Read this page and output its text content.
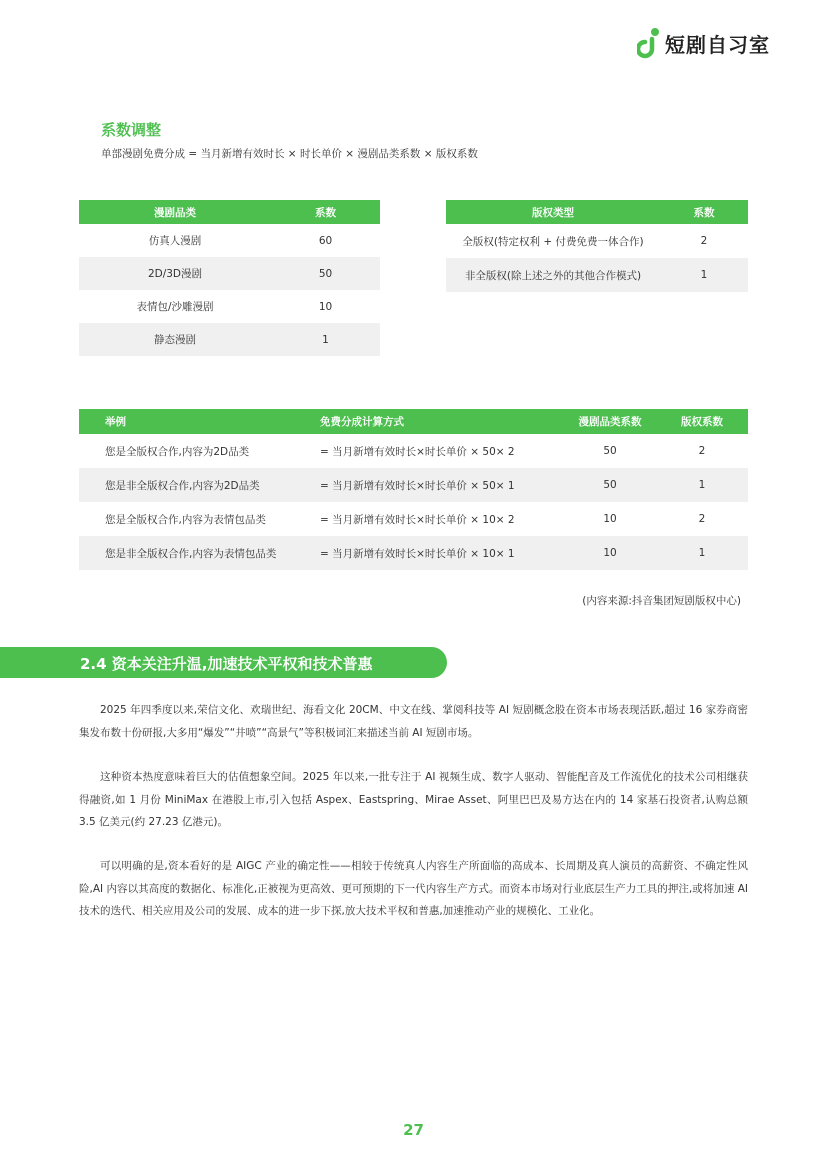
短剧自习室
系数调整
单部漫剧免费分成 = 当月新增有效时长 × 时长单价 × 漫剧品类系数 × 版权系数
漫剧品类	系数
仿真人漫剧	60
2D/3D漫剧	50
表情包/沙雕漫剧	10
静态漫剧	1
版权类型	系数
全版权(特定权利 + 付费免费一体合作)	2
非全版权(除上述之外的其他合作模式)	1
举例	免费分成计算方式	漫剧品类系数	版权系数
您是全版权合作,内容为2D品类	= 当月新增有效时长×时长单价 × 50× 2	50	2
您是非全版权合作,内容为2D品类	= 当月新增有效时长×时长单价 × 50× 1	50	1
您是全版权合作,内容为表情包品类	= 当月新增有效时长×时长单价 × 10× 2	10	2
您是非全版权合作,内容为表情包品类	= 当月新增有效时长×时长单价 × 10× 1	10	1
(内容来源:抖音集团短剧版权中心)
2.4 资本关注升温,加速技术平权和技术普惠

2025 年四季度以来,荣信文化、欢瑞世纪、海看文化 20CM、中文在线、掌阅科技等 AI 短剧概念股在资本市场表现活跃,超过 16 家券商密集发布数十份研报,大多用“爆发”“井喷”“高景气”等积极词汇来描述当前 AI 短剧市场。

这种资本热度意味着巨大的估值想象空间。2025 年以来,一批专注于 AI 视频生成、数字人驱动、智能配音及工作流优化的技术公司相继获得融资,如 1 月份 MiniMax 在港股上市,引入包括 Aspex、Eastspring、Mirae Asset、阿里巴巴及易方达在内的 14 家基石投资者,认购总额 3.5 亿美元(约 27.23 亿港元)。

可以明确的是,资本看好的是 AIGC 产业的确定性——相较于传统真人内容生产所面临的高成本、长周期及真人演员的高薪资、不确定性风险,AI 内容以其高度的数据化、标准化,正被视为更高效、更可预期的下一代内容生产方式。而资本市场对行业底层生产力工具的押注,或将加速 AI 技术的迭代、相关应用及公司的发展、成本的进一步下探,放大技术平权和普惠,加速推动产业的规模化、工业化。

27
